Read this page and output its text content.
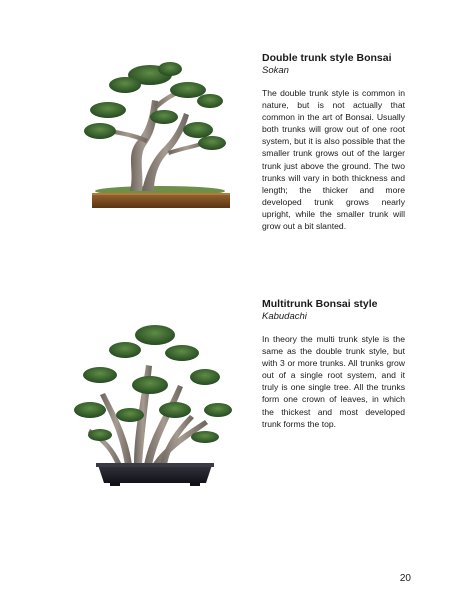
Double trunk style Bonsai

Sokan

The double trunk style is common in nature, but is not actually that common in the art of Bonsai. Usually both trunks will grow out of one root system, but it is also possible that the smaller trunk grows out of the larger trunk just above the ground. The two trunks will vary in both thickness and length; the thicker and more developed trunk grows nearly upright, while the smaller trunk will grow out a bit slanted.

Multitrunk Bonsai style

Kabudachi

In theory the multi trunk style is the same as the double trunk style, but with 3 or more trunks. All trunks grow out of a single root system, and it truly is one single tree. All the trunks form one crown of leaves, in which the thickest and most developed trunk forms the top.

20
